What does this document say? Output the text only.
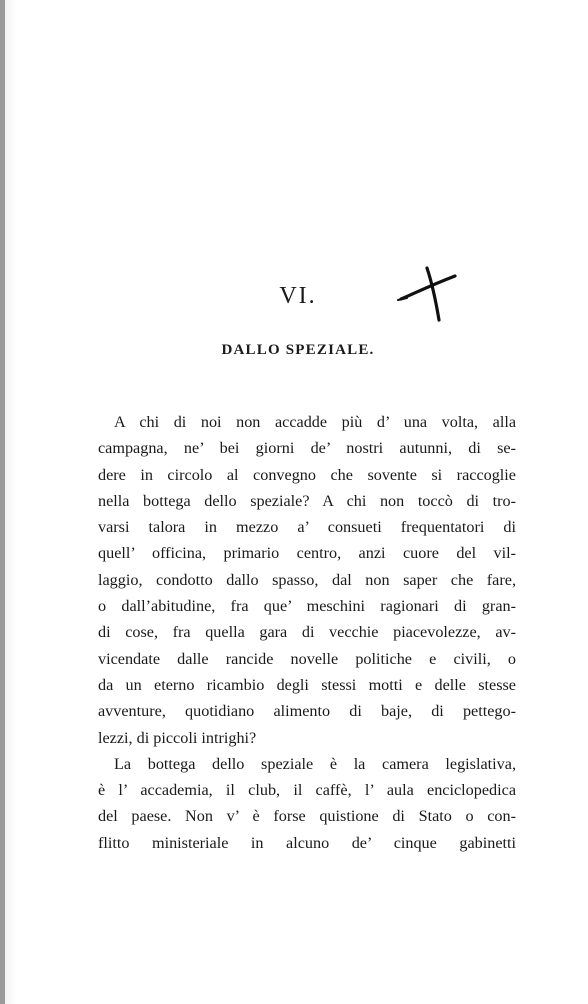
VI.
DALLO SPEZIALE.
A chi di noi non accadde più d’ una volta, alla
campagna, ne’ bei giorni de’ nostri autunni, di se-
dere in circolo al convegno che sovente si raccoglie
nella bottega dello speziale? A chi non toccò di tro-
varsi talora in mezzo a’ consueti frequentatori di
quell’ officina, primario centro, anzi cuore del vil-
laggio, condotto dallo spasso, dal non saper che fare,
o dall’abitudine, fra que’ meschini ragionari di gran-
di cose, fra quella gara di vecchie piacevolezze, av-
vicendate dalle rancide novelle politiche e civili, o
da un eterno ricambio degli stessi motti e delle stesse
avventure, quotidiano alimento di baje, di pettego-
lezzi, di piccoli intrighi?
La bottega dello speziale è la camera legislativa,
è l’ accademia, il club, il caffè, l’ aula enciclopedica
del paese. Non v’ è forse quistione di Stato o con-
flitto ministeriale in alcuno de’ cinque gabinetti
